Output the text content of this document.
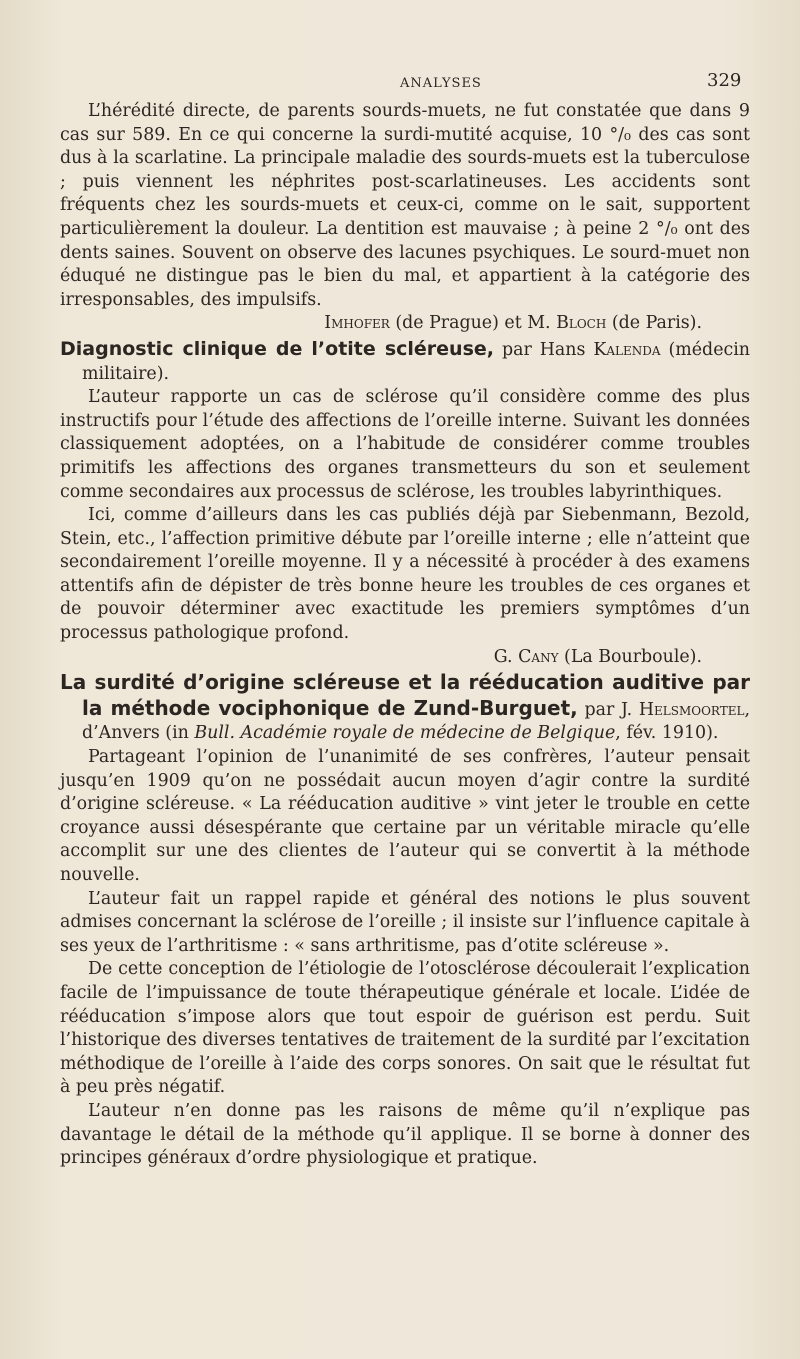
ANALYSES	329

L’hérédité directe, de parents sourds-muets, ne fut constatée que dans 9 cas sur 589. En ce qui concerne la surdi-mutité acquise, 10 °/₀ des cas sont dus à la scarlatine. La principale maladie des sourds-muets est la tuberculose ; puis viennent les néphrites post-scarlatineuses. Les accidents sont fréquents chez les sourds-muets et ceux-ci, comme on le sait, supportent particulièrement la douleur. La dentition est mauvaise ; à peine 2 °/₀ ont des dents saines. Souvent on observe des lacunes psychiques. Le sourd-muet non éduqué ne distingue pas le bien du mal, et appartient à la catégorie des irresponsables, des impulsifs.

Imhofer (de Prague) et M. Bloch (de Paris).

Diagnostic clinique de l’otite scléreuse, par Hans Kalenda (médecin militaire).

L’auteur rapporte un cas de sclérose qu’il considère comme des plus instructifs pour l’étude des affections de l’oreille interne. Suivant les données classiquement adoptées, on a l’habitude de considérer comme troubles primitifs les affections des organes transmetteurs du son et seulement comme secondaires aux processus de sclérose, les troubles labyrinthiques.

Ici, comme d’ailleurs dans les cas publiés déjà par Siebenmann, Bezold, Stein, etc., l’affection primitive débute par l’oreille interne ; elle n’atteint que secondairement l’oreille moyenne. Il y a nécessité à procéder à des examens attentifs afin de dépister de très bonne heure les troubles de ces organes et de pouvoir déterminer avec exactitude les premiers symptômes d’un processus pathologique profond.

G. Cany (La Bourboule).

La surdité d’origine scléreuse et la rééducation auditive par la méthode vociphonique de Zund-Burguet, par J. Helsmoortel, d’Anvers (in Bull. Académie royale de médecine de Belgique, fév. 1910).

Partageant l’opinion de l’unanimité de ses confrères, l’auteur pensait jusqu’en 1909 qu’on ne possédait aucun moyen d’agir contre la surdité d’origine scléreuse. « La rééducation auditive » vint jeter le trouble en cette croyance aussi désespérante que certaine par un véritable miracle qu’elle accomplit sur une des clientes de l’auteur qui se convertit à la méthode nouvelle.

L’auteur fait un rappel rapide et général des notions le plus souvent admises concernant la sclérose de l’oreille ; il insiste sur l’influence capitale à ses yeux de l’arthritisme : « sans arthritisme, pas d’otite scléreuse ».

De cette conception de l’étiologie de l’otosclérose découlerait l’explication facile de l’impuissance de toute thérapeutique générale et locale. L’idée de rééducation s’impose alors que tout espoir de guérison est perdu. Suit l’historique des diverses tentatives de traitement de la surdité par l’excitation méthodique de l’oreille à l’aide des corps sonores. On sait que le résultat fut à peu près négatif.

L’auteur n’en donne pas les raisons de même qu’il n’explique pas davantage le détail de la méthode qu’il applique. Il se borne à donner des principes généraux d’ordre physiologique et pratique.
